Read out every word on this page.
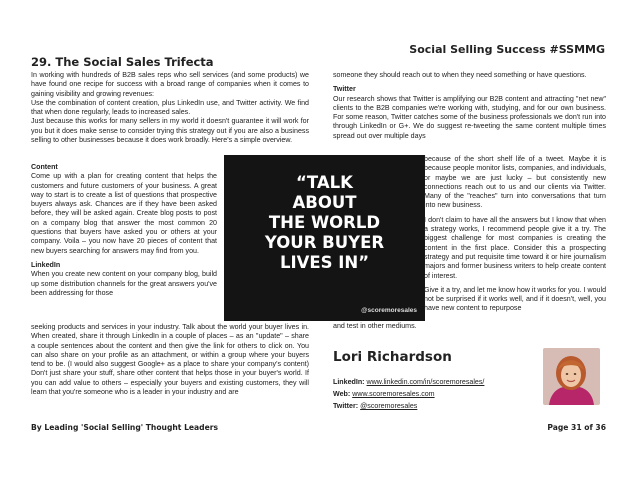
Social Selling Success #SSMMG
29. The Social Sales Trifecta

In working with hundreds of B2B sales reps who sell services (and some products) we have found one recipe for success with a broad range of companies when it comes to gaining visibility and growing revenues:

Use the combination of content creation, plus LinkedIn use, and Twitter activity. We find that when done regularly, leads to increased sales.

Just because this works for many sellers in my world it doesn't guarantee it will work for you but it does make sense to consider trying this strategy out if you are also a business selling to other businesses because it does work broadly. Here's a simple overview.

Content

Come up with a plan for creating content that helps the customers and future customers of your business. A great way to start is to create a list of questions that prospective buyers always ask. Chances are if they have been asked before, they will be asked again. Create blog posts to post on a company blog that answer the most common 20 questions that buyers have asked you or others at your company. Voila – you now have 20 pieces of content that new buyers searching for answers may find from you.

LinkedIn

When you create new content on your company blog, build up some distribution channels for the great answers you've been addressing for those

seeking products and services in your industry. Talk about the world your buyer lives in. When created, share it through LinkedIn in a couple of places – as an "update" – share a couple sentences about the content and then give the link for others to click on. You can also share on your profile as an attachment, or within a group where your buyers tend to be. (I would also suggest Google+ as a place to share your company's content) Don't just share your stuff, share other content that helps those in your buyer's world. If you can add value to others – especially your buyers and existing customers, they will learn that you're someone who is a leader in your industry and are

“TALK
ABOUT
THE WORLD
YOUR BUYER
LIVES IN”
@scoremoresales

someone they should reach out to when they need something or have questions.

Twitter

Our research shows that Twitter is amplifying our B2B content and attracting "net new" clients to the B2B companies we're working with, studying, and for our own business. For some reason, Twitter catches some of the business professionals we don't run into through LinkedIn or G+. We do suggest re-tweeting the same content multiple times spread out over multiple days

because of the short shelf life of a tweet. Maybe it is because people monitor lists, companies, and individuals, or maybe we are just lucky – but consistently new connections reach out to us and our clients via Twitter. Many of the "reaches" turn into conversations that turn into new business.

I don't claim to have all the answers but I know that when a strategy works, I recommend people give it a try. The biggest challenge for most companies is creating the content in the first place. Consider this a prospecting strategy and put requisite time toward it or hire journalism majors and former business writers to help create content of interest.

Give it a try, and let me know how it works for you. I would not be surprised if it works well, and if it doesn't, well, you have new content to repurpose

and test in other mediums.

Lori Richardson
LinkedIn: www.linkedin.com/in/scoremoresales/
Web: www.scoremoresales.com
Twitter: @scoremoresales
By Leading 'Social Selling' Thought Leaders	Page 31 of 36
